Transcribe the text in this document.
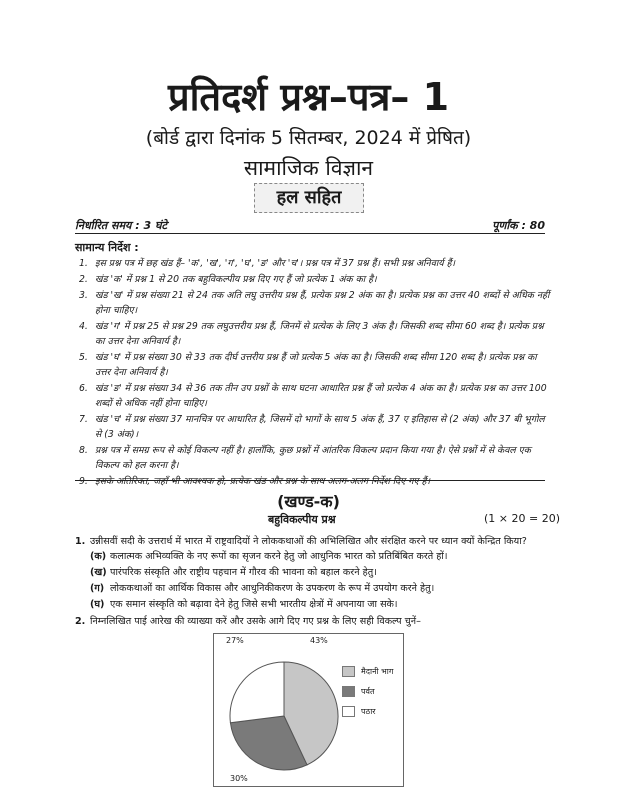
प्रतिदर्श प्रश्न–पत्र– 1
(बोर्ड द्वारा दिनांक 5 सितम्बर, 2024 में प्रेषित)
सामाजिक विज्ञान
हल सहित
निर्धारित समय : 3 घंटे	पूर्णांक : 80
सामान्य निर्देश :
1. इस प्रश्न पत्र में छह खंड हैं– 'क', 'ख', 'ग', 'घ', 'ङ' और 'च'। प्रश्न पत्र में 37 प्रश्न हैं। सभी प्रश्न अनिवार्य हैं।
2. खंड 'क' में प्रश्न 1 से 20 तक बहुविकल्पीय प्रश्न दिए गए हैं जो प्रत्येक 1 अंक का है।
3. खंड 'ख' में प्रश्न संख्या 21 से 24 तक अति लघु उत्तरीय प्रश्न हैं, प्रत्येक प्रश्न 2 अंक का है। प्रत्येक प्रश्न का उत्तर 40 शब्दों से अधिक नहीं होना चाहिए।
4. खंड 'ग' में प्रश्न 25 से प्रश्न 29 तक लघुउत्तरीय प्रश्न हैं, जिनमें से प्रत्येक के लिए 3 अंक है। जिसकी शब्द सीमा 60 शब्द है। प्रत्येक प्रश्न का उत्तर देना अनिवार्य है।
5. खंड 'घ' में प्रश्न संख्या 30 से 33 तक दीर्घ उत्तरीय प्रश्न हैं जो प्रत्येक 5 अंक का है। जिसकी शब्द सीमा 120 शब्द है। प्रत्येक प्रश्न का उत्तर देना अनिवार्य है।
6. खंड 'ङ' में प्रश्न संख्या 34 से 36 तक तीन उप प्रश्नों के साथ घटना आधारित प्रश्न हैं जो प्रत्येक 4 अंक का है। प्रत्येक प्रश्न का उत्तर 100 शब्दों से अधिक नहीं होना चाहिए।
7. खंड 'च' में प्रश्न संख्या 37 मानचित्र पर आधारित है, जिसमें दो भागों के साथ 5 अंक हैं, 37 ए इतिहास से (2 अंक) और 37 बी भूगोल से (3 अंक)।
8. प्रश्न पत्र में समग्र रूप से कोई विकल्प नहीं है। हालाँकि, कुछ प्रश्नों में आंतरिक विकल्प प्रदान किया गया है। ऐसे प्रश्नों में से केवल एक विकल्प को हल करना है।
9. इसके अतिरिक्त, जहाँ भी आवश्यक हो, प्रत्येक खंड और प्रश्न के साथ अलग-अलग निर्देश दिए गए हैं।
(खण्ड-क)
बहुविकल्पीय प्रश्न	(1 × 20 = 20)
1. उन्नीसवीं सदी के उत्तरार्ध में भारत में राष्ट्रवादियों ने लोककथाओं की अभिलिखित और संरक्षित करने पर ध्यान क्यों केन्द्रित किया?
(क) कलात्मक अभिव्यक्ति के नए रूपों का सृजन करने हेतु जो आधुनिक भारत को प्रतिबिंबित करते हों।
(ख) पारंपरिक संस्कृति और राष्ट्रीय पहचान में गौरव की भावना को बहाल करने हेतु।
(ग) लोककथाओं का आर्थिक विकास और आधुनिकीकरण के उपकरण के रूप में उपयोग करने हेतु।
(घ) एक समान संस्कृति को बढ़ावा देने हेतु जिसे सभी भारतीय क्षेत्रों में अपनाया जा सके।
2. निम्नलिखित पाई आरेख की व्याख्या करें और उसके आगे दिए गए प्रश्न के लिए सही विकल्प चुनें–
43%
मैदानी भाग
30%
पर्वत
27%
पठार
